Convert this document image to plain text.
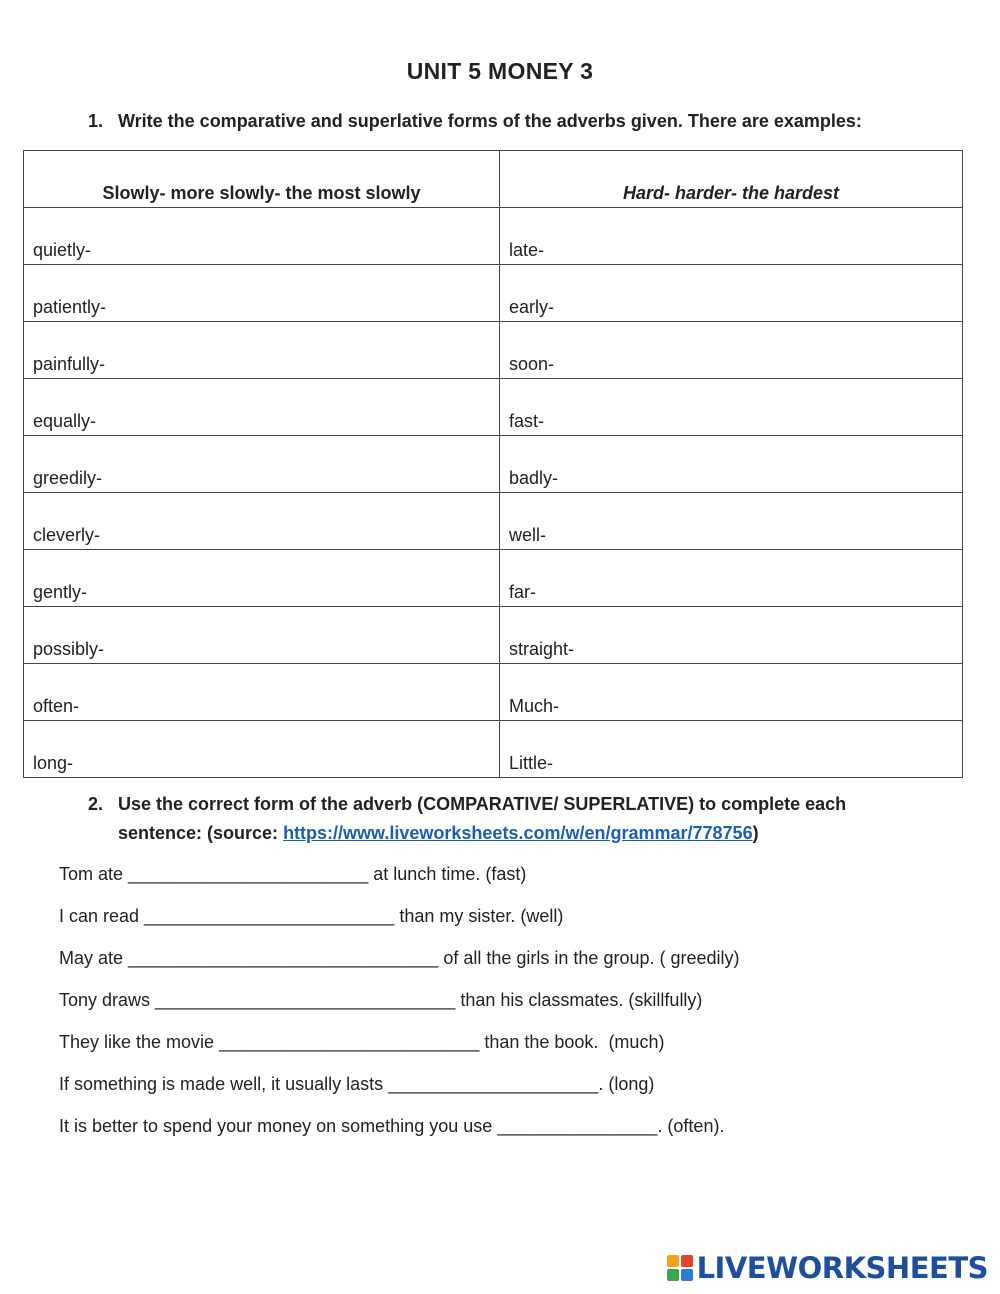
UNIT 5 MONEY 3
1. Write the comparative and superlative forms of the adverbs given. There are examples:
Slowly- more slowly- the most slowly	Hard- harder- the hardest
quietly-	late-
patiently-	early-
painfully-	soon-
equally-	fast-
greedily-	badly-
cleverly-	well-
gently-	far-
possibly-	straight-
often-	Much-
long-	Little-
2. Use the correct form of the adverb (COMPARATIVE/ SUPERLATIVE) to complete each
sentence: (source: https://www.liveworksheets.com/w/en/grammar/778756)
Tom ate ________________________ at lunch time. (fast)
I can read _________________________ than my sister. (well)
May ate _______________________________ of all the girls in the group. ( greedily)
Tony draws ______________________________ than his classmates. (skillfully)
They like the movie __________________________ than the book.  (much)
If something is made well, it usually lasts _____________________. (long)
It is better to spend your money on something you use ________________. (often).
LIVEWORKSHEETS
